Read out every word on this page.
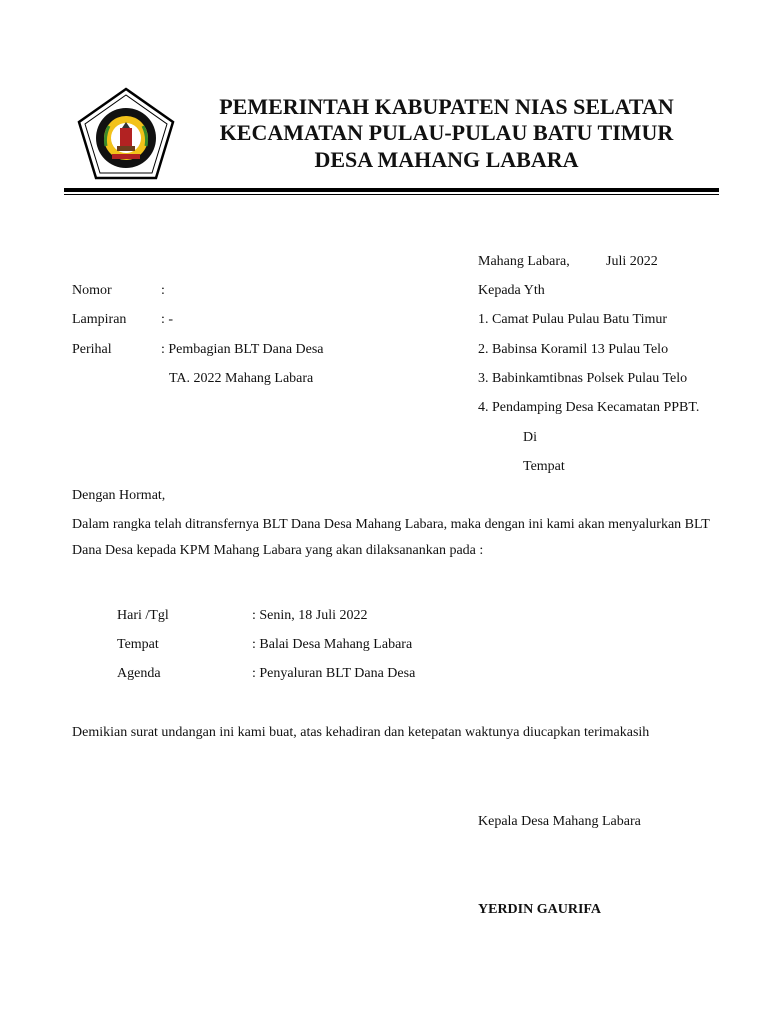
PEMERINTAH KABUPATEN NIAS SELATAN
KECAMATAN PULAU-PULAU BATU TIMUR
DESA MAHANG LABARA
Mahang Labara,	Juli 2022
Nomor	:
Lampiran : -
Perihal	: Pembagian BLT Dana Desa
TA. 2022 Mahang Labara
Kepada Yth
1. Camat Pulau Pulau Batu Timur
2. Babinsa Koramil 13 Pulau Telo
3. Babinkamtibnas Polsek Pulau Telo
4. Pendamping Desa Kecamatan PPBT.
Di
Tempat
Dengan Hormat,
Dalam rangka telah ditransfernya BLT Dana Desa Mahang Labara, maka dengan ini kami akan menyalurkan BLT Dana Desa kepada KPM Mahang Labara yang akan dilaksanankan pada :
Hari /Tgl	: Senin, 18 Juli 2022
Tempat	: Balai Desa Mahang Labara
Agenda	: Penyaluran BLT Dana Desa
Demikian surat undangan ini kami buat, atas kehadiran dan ketepatan waktunya diucapkan terimakasih
Kepala Desa Mahang Labara
YERDIN GAURIFA
